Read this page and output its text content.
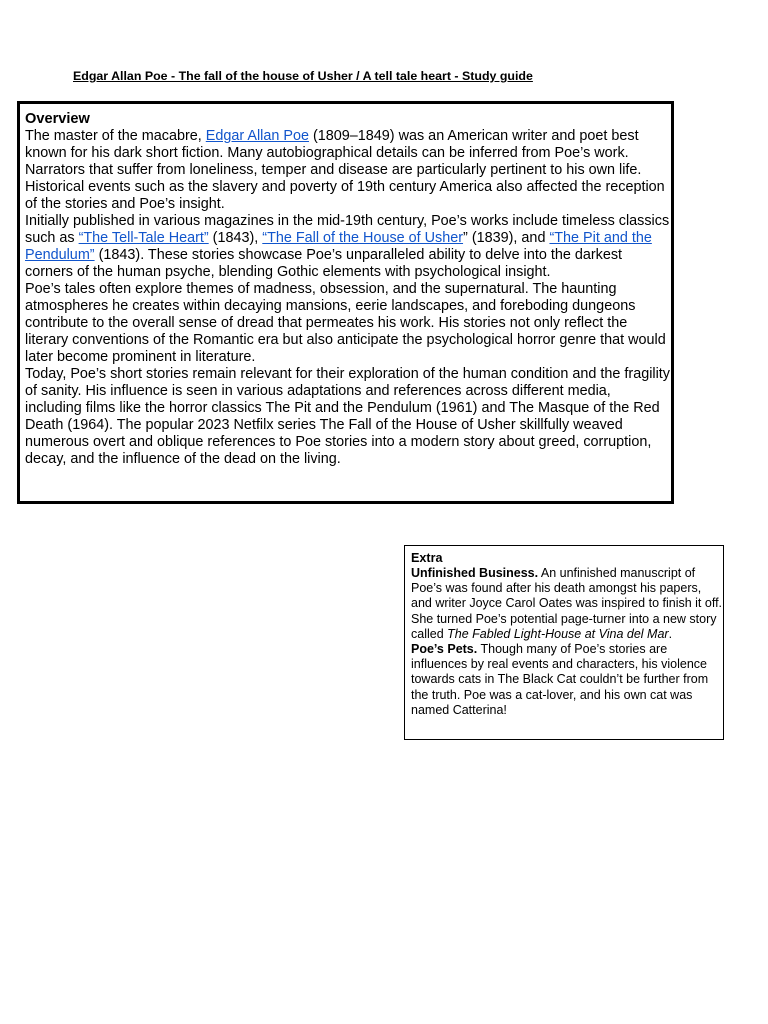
Edgar Allan Poe - The fall of the house of Usher / A tell tale heart - Study guide
Overview

The master of the macabre, Edgar Allan Poe (1809–1849) was an American writer and poet best known for his dark short fiction. Many autobiographical details can be inferred from Poe’s work. Narrators that suffer from loneliness, temper and disease are particularly pertinent to his own life. Historical events such as the slavery and poverty of 19th century America also affected the reception of the stories and Poe’s insight.

Initially published in various magazines in the mid-19th century, Poe’s works include timeless classics such as “The Tell-Tale Heart” (1843), “The Fall of the House of Usher” (1839), and “The Pit and the Pendulum” (1843). These stories showcase Poe’s unparalleled ability to delve into the darkest corners of the human psyche, blending Gothic elements with psychological insight.

Poe’s tales often explore themes of madness, obsession, and the supernatural. The haunting atmospheres he creates within decaying mansions, eerie landscapes, and foreboding dungeons contribute to the overall sense of dread that permeates his work. His stories not only reflect the literary conventions of the Romantic era but also anticipate the psychological horror genre that would later become prominent in literature.

Today, Poe’s short stories remain relevant for their exploration of the human condition and the fragility of sanity. His influence is seen in various adaptations and references across different media, including films like the horror classics The Pit and the Pendulum (1961) and The Masque of the Red Death (1964). The popular 2023 Netfilx series The Fall of the House of Usher skillfully weaved numerous overt and oblique references to Poe stories into a modern story about greed, corruption, decay, and the influence of the dead on the living.

Extra

Unfinished Business. An unfinished manuscript of Poe’s was found after his death amongst his papers, and writer Joyce Carol Oates was inspired to finish it off. She turned Poe’s potential page-turner into a new story called The Fabled Light-House at Vina del Mar.

Poe’s Pets. Though many of Poe’s stories are influences by real events and characters, his violence towards cats in The Black Cat couldn’t be further from the truth. Poe was a cat-lover, and his own cat was named Catterina!
